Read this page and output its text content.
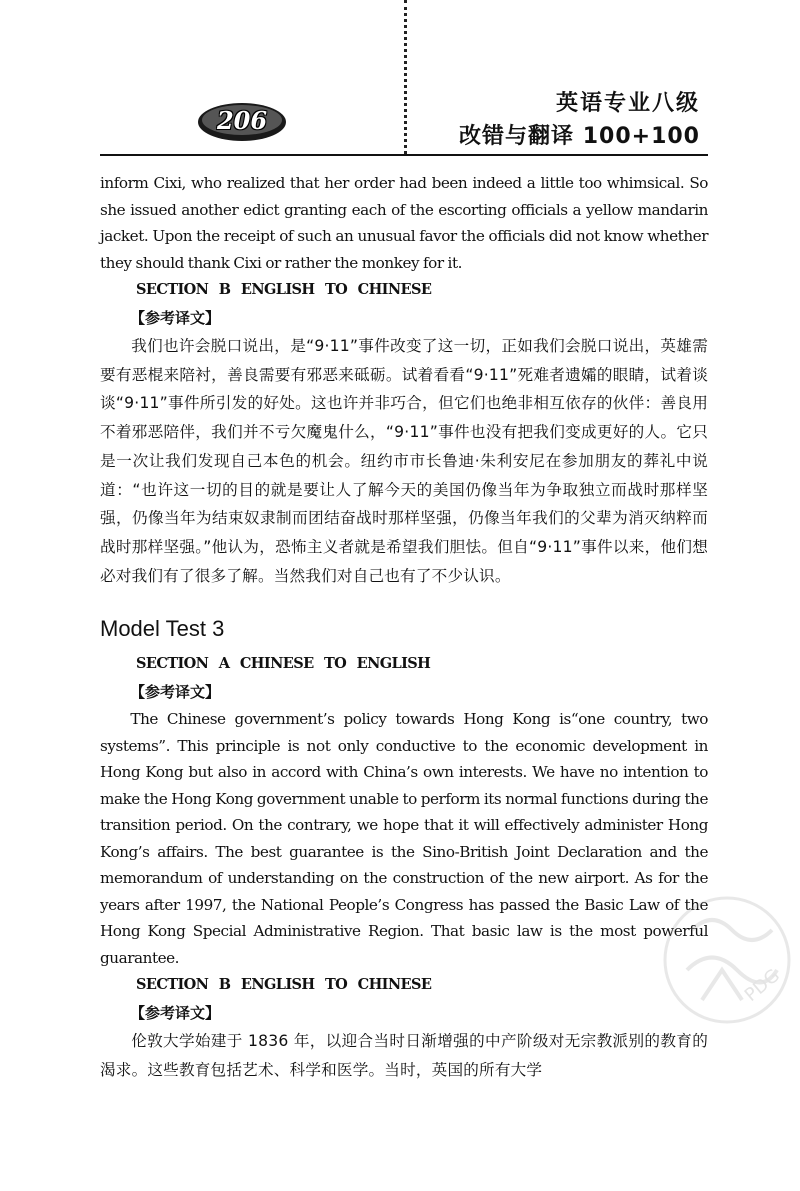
206
英语专业八级
改错与翻译 100+100

inform Cixi, who realized that her order had been indeed a little too whimsical. So she issued another edict granting each of the escorting officials a yellow mandarin jacket. Upon the receipt of such an unusual favor the officials did not know whether they should thank Cixi or rather the monkey for it.

SECTION B ENGLISH TO CHINESE

【参考译文】

我们也许会脱口说出，是“9·11”事件改变了这一切，正如我们会脱口说出，英雄需要有恶棍来陪衬，善良需要有邪恶来砥砺。试着看看“9·11”死难者遗孀的眼睛，试着谈谈“9·11”事件所引发的好处。这也许并非巧合，但它们也绝非相互依存的伙伴：善良用不着邪恶陪伴，我们并不亏欠魔鬼什么，“9·11”事件也没有把我们变成更好的人。它只是一次让我们发现自己本色的机会。纽约市市长鲁迪·朱利安尼在参加朋友的葬礼中说道：“也许这一切的目的就是要让人了解今天的美国仍像当年为争取独立而战时那样坚强，仍像当年为结束奴隶制而团结奋战时那样坚强，仍像当年我们的父辈为消灭纳粹而战时那样坚强。”他认为，恐怖主义者就是希望我们胆怯。但自“9·11”事件以来，他们想必对我们有了很多了解。当然我们对自己也有了不少认识。

Model Test 3

SECTION A CHINESE TO ENGLISH

【参考译文】

The Chinese government’s policy towards Hong Kong is“one country, two systems”. This principle is not only conductive to the economic development in Hong Kong but also in accord with China’s own interests. We have no intention to make the Hong Kong government unable to perform its normal functions during the transition period. On the contrary, we hope that it will effectively administer Hong Kong’s affairs. The best guarantee is the Sino-British Joint Declaration and the memorandum of understanding on the construction of the new airport. As for the years after 1997, the National People’s Congress has passed the Basic Law of the Hong Kong Special Administrative Region. That basic law is the most powerful guarantee.

SECTION B ENGLISH TO CHINESE

【参考译文】

伦敦大学始建于 1836 年，以迎合当时日渐增强的中产阶级对无宗教派别的教育的渴求。这些教育包括艺术、科学和医学。当时，英国的所有大学

PDG
